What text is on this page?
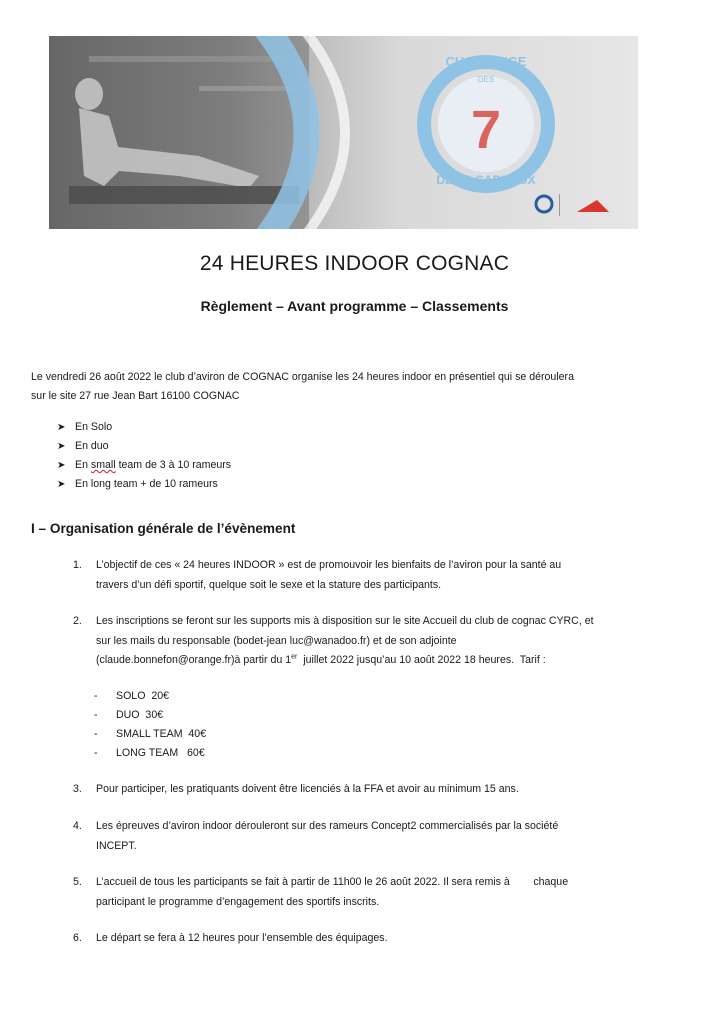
CHALLENGE
DES
7
DÉFIS CAPITAUX
24 HEURES INDOOR COGNAC
Règlement – Avant programme – Classements
Le vendredi 26 août 2022 le club d’aviron de COGNAC organise les 24 heures indoor en présentiel qui se déroulera
sur le site 27 rue Jean Bart 16100 COGNAC
➤ En Solo
➤ En duo
➤ En small team de 3 à 10 rameurs
➤ En long team + de 10 rameurs
I – Organisation générale de l’évènement
1. L’objectif de ces « 24 heures INDOOR » est de promouvoir les bienfaits de l’aviron pour la santé au
travers d’un défi sportif, quelque soit le sexe et la stature des participants.
2. Les inscriptions se feront sur les supports mis à disposition sur le site Accueil du club de cognac CYRC, et
sur les mails du responsable (bodet-jean luc@wanadoo.fr) et de son adjointe
(claude.bonnefon@orange.fr)à partir du 1er  juillet 2022 jusqu’au 10 août 2022 18 heures.  Tarif :
- SOLO  20€
- DUO  30€
- SMALL TEAM  40€
- LONG TEAM   60€
3. Pour participer, les pratiquants doivent être licenciés à la FFA et avoir au minimum 15 ans.
4. Les épreuves d’aviron indoor dérouleront sur des rameurs Concept2 commercialisés par la société
INCEPT.
5. L’accueil de tous les participants se fait à partir de 11h00 le 26 août 2022. Il sera remis à        chaque
participant le programme d’engagement des sportifs inscrits.
6. Le départ se fera à 12 heures pour l’ensemble des équipages.
